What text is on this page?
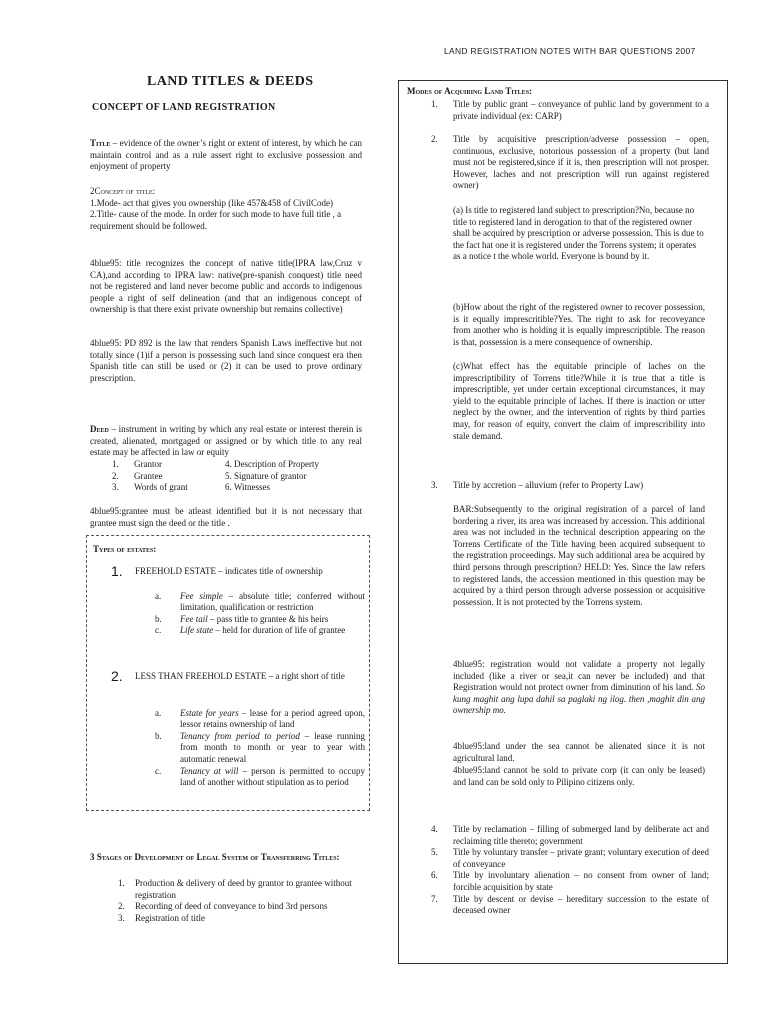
LAND REGISTRATION NOTES WITH BAR QUESTIONS 2007
LAND TITLES & DEEDS
CONCEPT OF LAND REGISTRATION

Title – evidence of the owner’s right or extent of interest, by which he can maintain control and as a rule assert right to exclusive possession and enjoyment of property

2Concept of title:
1.Mode- act that gives you ownership (like 457&458 of CivilCode)
2.Title- cause of the mode. In order for such mode to have full title , a requirement should be followed.

4blue95: title recognizes the concept of native title(IPRA law,Cruz v CA),and according to IPRA law: native(pre-spanish conquest) title need not be registered and land never become public and accords to indigenous people a right of self delineation (and that an indigenous concept of ownership is that there exist private ownership but remains collective)

4blue95: PD 892 is the law that renders Spanish Laws ineffective but not totally since (1)if a person is possessing such land since conquest era then Spanish title can still be used or (2) it can be used to prove ordinary prescription.

Deed – instrument in writing by which any real estate or interest therein is created, alienated, mortgaged or assigned or by which title to any real estate may be affected in law or equity

1. Grantor
2. Grantee
3. Words of grant
4. Description of Property
5. Signature of grantor
6. Witnesses

4blue95:grantee must be atleast identified but it is not necessary that grantee must sign the deed or the title .

Types of estates:

1. FREEHOLD ESTATE – indicates title of ownership

a. Fee simple – absolute title; conferred without limitation, qualification or restriction

b. Fee tail – pass title to grantee & his heirs

c. Life state – held for duration of life of grantee

2. LESS THAN FREEHOLD ESTATE – a right short of title

a. Estate for years – lease for a period agreed upon, lessor retains ownership of land

b. Tenancy from period to period – lease running from month to month or year to year with automatic renewal

c. Tenancy at will – person is permitted to occupy land of another without stipulation as to period

3 Stages of Development of Legal System of Transferring Titles:

1. Production & delivery of deed by grantor to grantee without registration

2. Recording of deed of conveyance to bind 3rd persons

3. Registration of title

Modes of Acquiring Land Titles:

1. Title by public grant – conveyance of public land by government to a private individual (ex: CARP)

2. Title by acquisitive prescription/adverse possession – open, continuous, exclusive, notorious possession of a property (but land must not be registered,since if it is, then prescription will not prosper. However, laches and not prescription will run against registered owner)

(a) Is title to registered land subject to prescription?No, because no title to registered land in derogation to that of the registered owner shall be acquired by prescription or adverse possession. This is due to the fact hat one it is registered under the Torrens system; it operates as a notice t the whole world. Everyone is bound by it.

(b)How about the right of the registered owner to recover possession, is it equally imprescritible?Yes. The right to ask for recoveyance from another who is holding it is equally imprescriptible. The reason is that, possession is a mere consequence of ownership.

(c)What effect has the equitable principle of laches on the imprescriptibility of Torrens title?While it is true that a title is imprescriptible, yet under certain exceptional circumstances, it may yield to the equitable principle of laches. If there is inaction or utter neglect by the owner, and the intervention of rights by third parties may, for reason of equity, convert the claim of imprescribility into stale demand.

3. Title by accretion – alluvium (refer to Property Law)

BAR:Subsequently to the original registration of a parcel of land bordering a river, its area was increased by accession. This additional area was not included in the technical description appearing on the Torrens Certificate of the Title having been acquired subsequent to the registration proceedings. May such additional area be acquired by third persons through prescription? HELD: Yes. Since the law refers to registered lands, the accession mentioned in this question may be acquired by a third person through adverse possession or acquisitive possession. It is not protected by the Torrens system.

4blue95: registration would not validate a property not legally included (like a river or sea,it can never be included) and that Registration would not protect owner from diminution of his land. So kung maghit ang lupa dahil sa paglaki ng ilog. then ,maghit din ang ownership mo.

4blue95:land under the sea cannot be alienated since it is not agricultural land.

4blue95:land cannot be sold to private corp (it can only be leased) and land can be sold only to Pilipino citizens only.

4. Title by reclamation – filling of submerged land by deliberate act and reclaiming title thereto; government

5. Title by voluntary transfer – private grant; voluntary execution of deed of conveyance

6. Title by involuntary alienation – no consent from owner of land; forcible acquisition by state

7. Title by descent or devise – hereditary succession to the estate of deceased owner
